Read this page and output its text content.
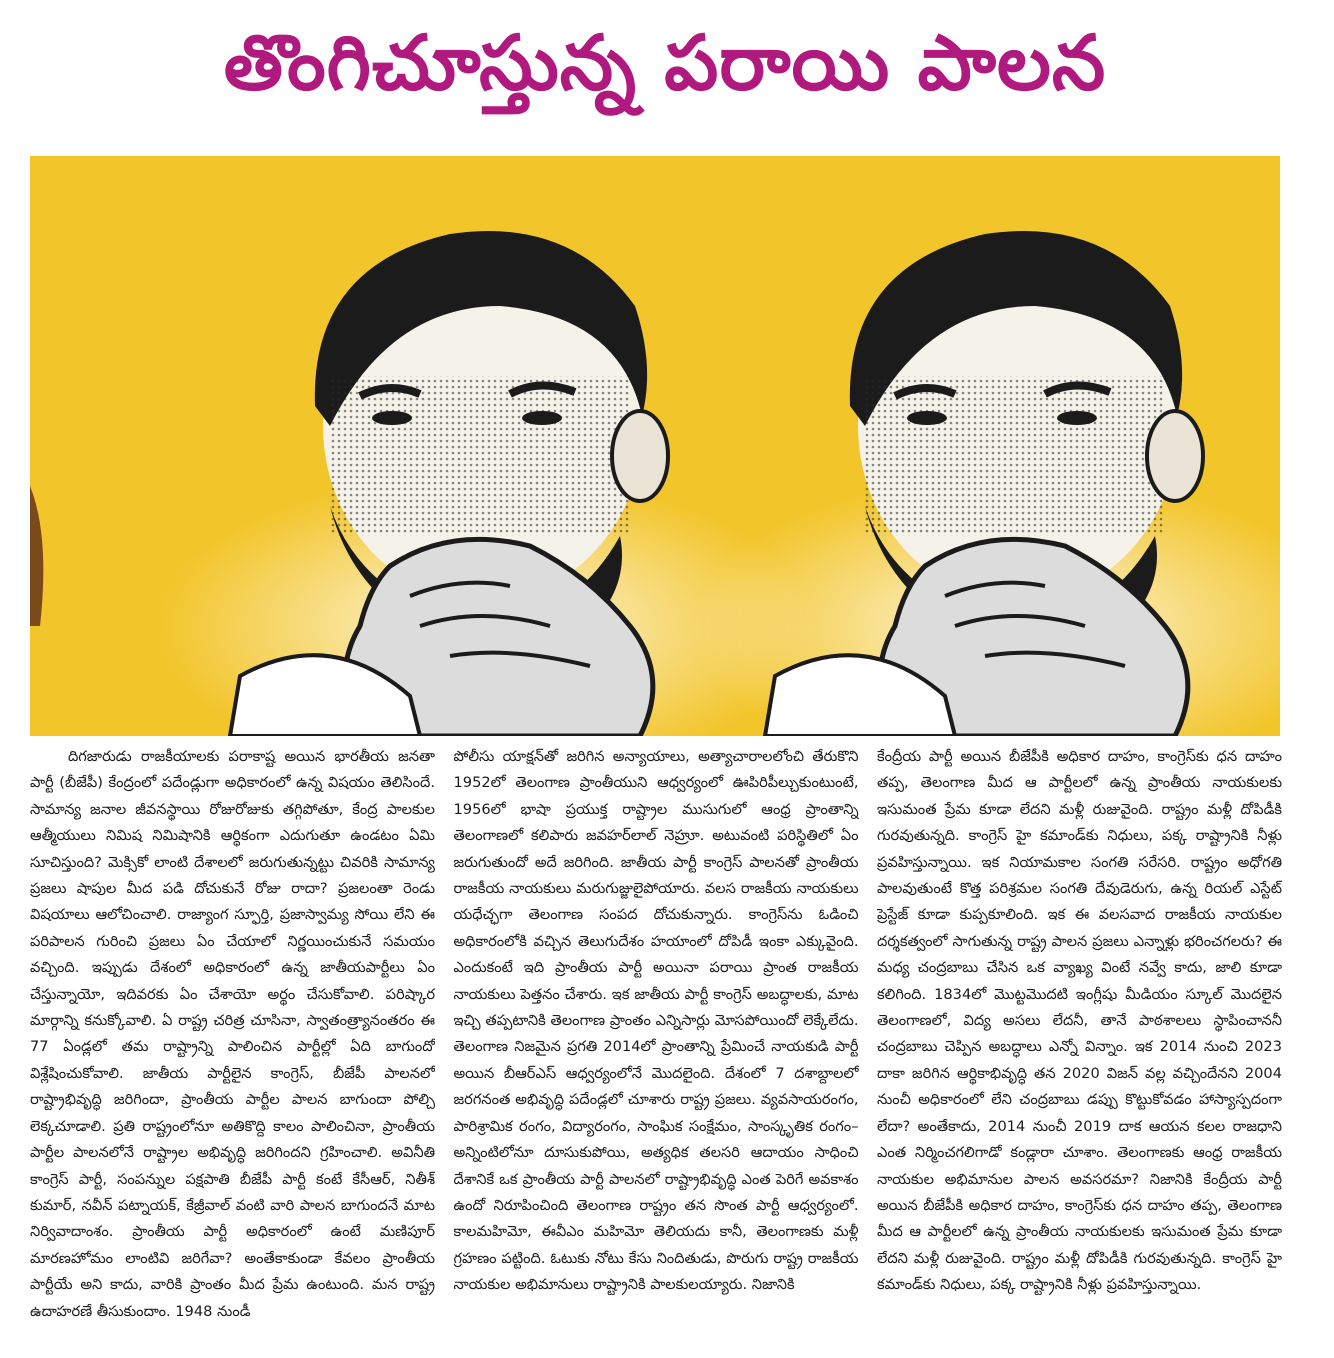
తొంగిచూస్తున్న పరాయి పాలన

దిగజారుడు రాజకీయాలకు పరాకాష్ట అయిన భారతీయ జనతా పార్టీ (బీజేపీ) కేంద్రంలో పదేండ్లుగా అధికారంలో ఉన్న విషయం తెలిసిందే. సామాన్య జనాల జీవనస్థాయి రోజురోజుకు తగ్గిపోతూ, కేంద్ర పాలకుల ఆత్మీయులు నిమిష నిమిషానికి ఆర్థికంగా ఎదుగుతూ ఉండటం ఏమి సూచిస్తుంది? మెక్సికో లాంటి దేశాలలో జరుగుతున్నట్టు చివరికి సామాన్య ప్రజలు షాపుల మీద పడి దోచుకునే రోజు రాదా? ప్రజలంతా రెండు విషయాలు ఆలోచించాలి. రాజ్యాంగ స్ఫూర్తి, ప్రజాస్వామ్య సోయి లేని ఈ పరిపాలన గురించి ప్రజలు ఏం చేయాలో నిర్ణయించుకునే సమయం వచ్చింది. ఇప్పుడు దేశంలో అధికారంలో ఉన్న జాతీయపార్టీలు ఏం చేస్తున్నాయో, ఇదివరకు ఏం చేశాయో అర్థం చేసుకోవాలి. పరిష్కార మార్గాన్ని కనుక్కోవాలి. ఏ రాష్ట్ర చరిత్ర చూసినా, స్వాతంత్ర్యానంతరం ఈ 77 ఏండ్లలో తమ రాష్ట్రాన్ని పాలించిన పార్టీల్లో ఏది బాగుందో విశ్లేషించుకోవాలి. జాతీయ పార్టీలైన కాంగ్రెస్, బీజేపీ పాలనలో రాష్ట్రాభివృద్ధి జరిగిందా, ప్రాంతీయ పార్టీల పాలన బాగుందా పోల్చి లెక్కచూడాలి. ప్రతి రాష్ట్రంలోనూ అతికొద్ది కాలం పాలించినా, ప్రాంతీయ పార్టీల పాలనలోనే రాష్ట్రాల అభివృద్ధి జరిగిందని గ్రహించాలి. అవినీతి కాంగ్రెస్ పార్టీ, సంపన్నుల పక్షపాతి బీజేపీ పార్టీ కంటే కేసీఆర్, నితీశ్ కుమార్, నవీన్ పట్నాయక్, కేజ్రీవాల్ వంటి వారి పాలన బాగుందనే మాట నిర్వివాదాంశం. ప్రాంతీయ పార్టీ అధికారంలో ఉంటే మణిపూర్ మారణహోమం లాంటివి జరిగేవా? అంతేకాకుండా కేవలం ప్రాంతీయ పార్టీయే అని కాదు, వారికి ప్రాంతం మీద ప్రేమ ఉంటుంది. మన రాష్ట్ర ఉదాహరణే తీసుకుందాం. 1948 నుండీ

పోలీసు యాక్షన్‌తో జరిగిన అన్యాయాలు, అత్యాచారాలలోంచి తేరుకొని 1952లో తెలంగాణ ప్రాంతీయుని ఆధ్వర్యంలో ఊపిరిపీల్చుకుంటుంటే, 1956లో భాషా ప్రయుక్త రాష్ట్రాల ముసుగులో ఆంధ్ర ప్రాంతాన్ని తెలంగాణలో కలిపారు జవహర్‌లాల్ నెహ్రూ. అటువంటి పరిస్థితిలో ఏం జరుగుతుందో అదే జరిగింది. జాతీయ పార్టీ కాంగ్రెస్ పాలనతో ప్రాంతీయ రాజకీయ నాయకులు మరుగుజ్జులైపోయారు. వలస రాజకీయ నాయకులు యధేచ్ఛగా తెలంగాణ సంపద దోచుకున్నారు. కాంగ్రెస్‌ను ఓడించి అధికారంలోకి వచ్చిన తెలుగుదేశం హయాంలో దోపిడీ ఇంకా ఎక్కువైంది. ఎందుకంటే ఇది ప్రాంతీయ పార్టీ అయినా పరాయి ప్రాంత రాజకీయ నాయకులు పెత్తనం చేశారు. ఇక జాతీయ పార్టీ కాంగ్రెస్ అబద్ధాలకు, మాట ఇచ్చి తప్పటానికి తెలంగాణ ప్రాంతం ఎన్నిసార్లు మోసపోయిందో లెక్కేలేదు. తెలంగాణ నిజమైన ప్రగతి 2014లో ప్రాంతాన్ని ప్రేమించే నాయకుడి పార్టీ అయిన బీఆర్ఎస్ ఆధ్వర్యంలోనే మొదలైంది. దేశంలో 7 దశాబ్దాలలో జరగనంత అభివృద్ధి పదేండ్లలో చూశారు రాష్ట్ర ప్రజలు. వ్యవసాయరంగం, పారిశ్రామిక రంగం, విద్యారంగం, సాంఘిక సంక్షేమం, సాంస్కృతిక రంగం– అన్నింటిలోనూ దూసుకుపోయి, అత్యధిక తలసరి ఆదాయం సాధించి దేశానికే ఒక ప్రాంతీయ పార్టీ పాలనలో రాష్ట్రాభివృద్ధి ఎంత పెరిగే అవకాశం ఉందో నిరూపించింది తెలంగాణ రాష్ట్రం తన సొంత పార్టీ ఆధ్వర్యంలో. కాలమహిమో, ఈవీఎం మహిమో తెలియదు కానీ, తెలంగాణకు మళ్లీ గ్రహణం పట్టింది. ఓటుకు నోటు కేసు నిందితుడు, పొరుగు రాష్ట్ర రాజకీయ నాయకుల అభిమానులు రాష్ట్రానికి పాలకులయ్యారు. నిజానికి

కేంద్రీయ పార్టీ అయిన బీజేపీకి అధికార దాహం, కాంగ్రెస్‌కు ధన దాహం తప్ప, తెలంగాణ మీద ఆ పార్టీలలో ఉన్న ప్రాంతీయ నాయకులకు ఇసుమంత ప్రేమ కూడా లేదని మళ్లీ రుజువైంది. రాష్ట్రం మళ్లీ దోపిడీకి గురవుతున్నది. కాంగ్రెస్ హై కమాండ్‌కు నిధులు, పక్క రాష్ట్రానికి నీళ్లు ప్రవహిస్తున్నాయి. ఇక నియామకాల సంగతి సరేసరి. రాష్ట్రం అధోగతి పాలవుతుంటే కొత్త పరిశ్రమల సంగతి దేవుడెరుగు, ఉన్న రియల్ ఎస్టేట్ ప్రెస్టేజ్ కూడా కుప్పకూలింది. ఇక ఈ వలసవాద రాజకీయ నాయకుల దర్శకత్వంలో సాగుతున్న రాష్ట్ర పాలన ప్రజలు ఎన్నాళ్లు భరించగలరు? ఈ మధ్య చంద్రబాబు చేసిన ఒక వ్యాఖ్య వింటే నవ్వే కాదు, జాలి కూడా కలిగింది. 1834లో మొట్టమొదటి ఇంగ్లీషు మీడియం స్కూల్ మొదలైన తెలంగాణలో, విద్య అసలు లేదనీ, తానే పాఠశాలలు స్థాపించాననీ చంద్రబాబు చెప్పిన అబద్ధాలు ఎన్నో విన్నాం. ఇక 2014 నుంచి 2023 దాకా జరిగిన ఆర్థికాభివృద్ధి తన 2020 విజన్ వల్ల వచ్చిందేనని 2004 నుంచీ అధికారంలో లేని చంద్రబాబు డప్పు కొట్టుకోవడం హాస్యాస్పదంగా లేదా? అంతేకాదు, 2014 నుంచీ 2019 దాక ఆయన కలల రాజధాని ఎంత నిర్మించగలిగాడో కండ్లారా చూశాం. తెలంగాణకు ఆంధ్ర రాజకీయ నాయకుల అభిమానుల పాలన అవసరమా? నిజానికి కేంద్రీయ పార్టీ అయిన బీజేపీకి అధికార దాహం, కాంగ్రెస్‌కు ధన దాహం తప్ప, తెలంగాణ మీద ఆ పార్టీలలో ఉన్న ప్రాంతీయ నాయకులకు ఇసుమంత ప్రేమ కూడా లేదని మళ్లీ రుజువైంది. రాష్ట్రం మళ్లీ దోపిడీకి గురవుతున్నది. కాంగ్రెస్ హై కమాండ్‌కు నిధులు, పక్క రాష్ట్రానికి నీళ్లు ప్రవహిస్తున్నాయి.
